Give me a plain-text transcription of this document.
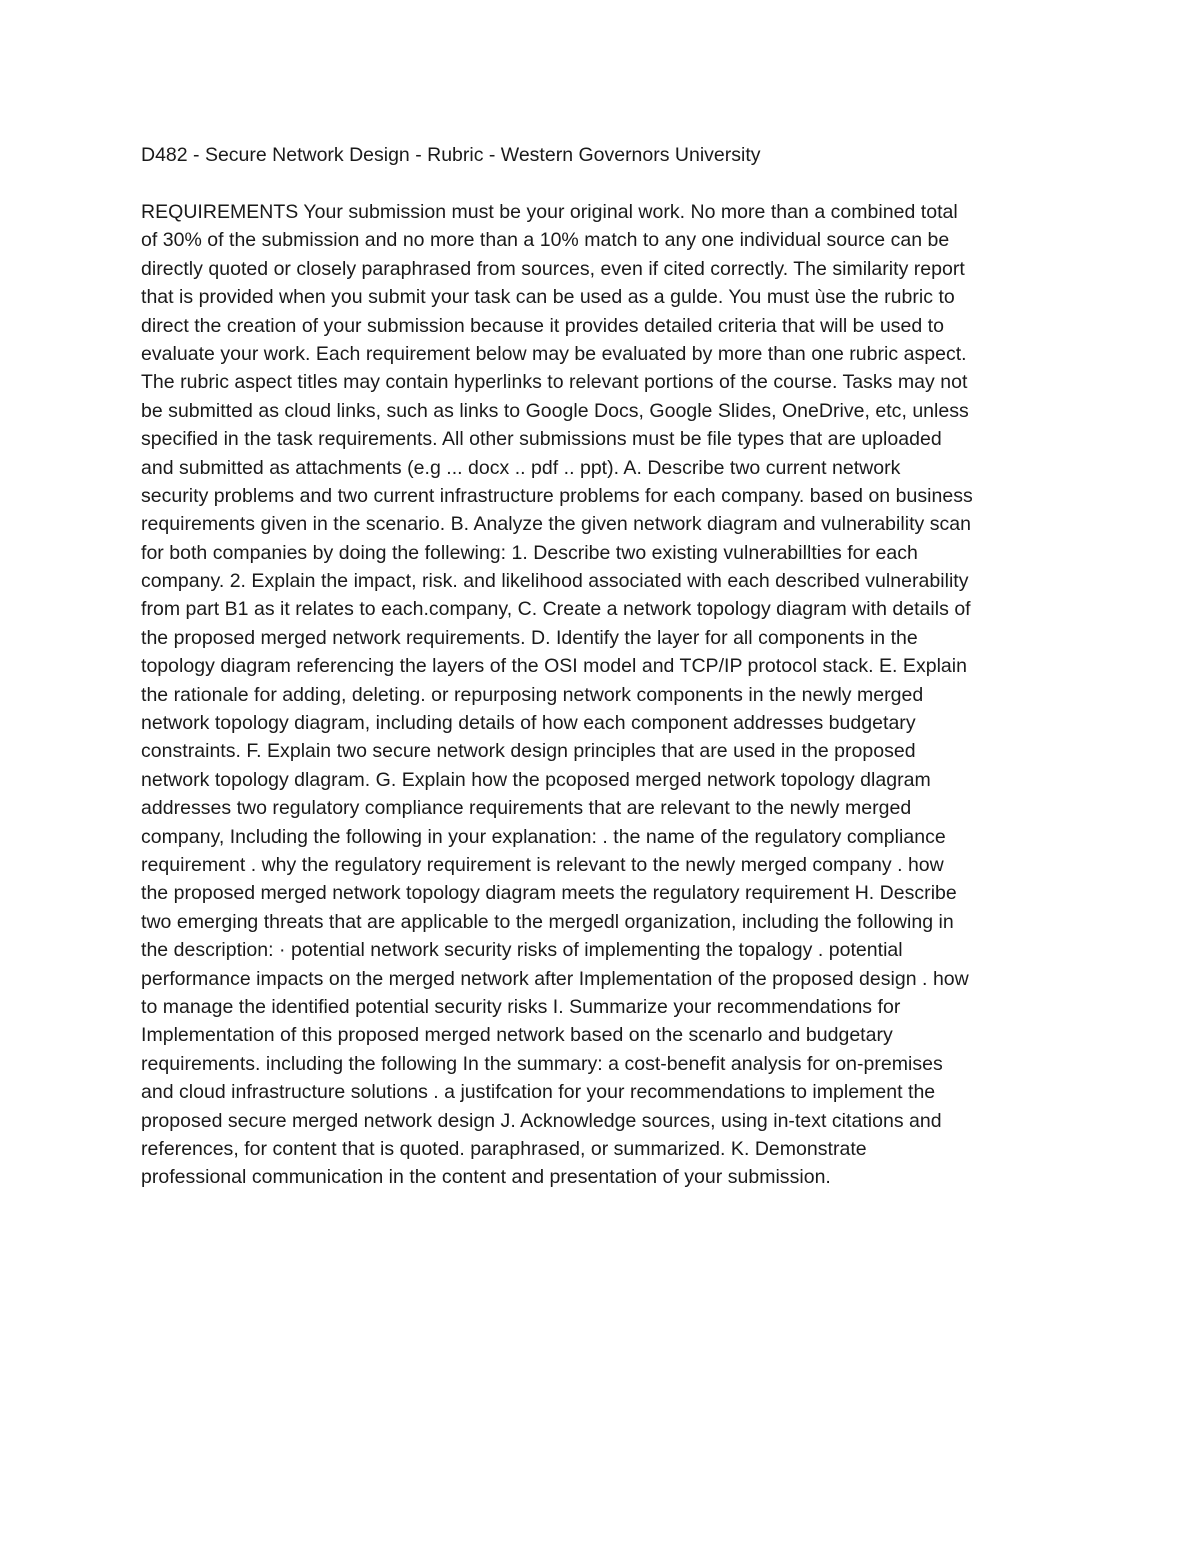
D482 - Secure Network Design - Rubric - Western Governors University
REQUIREMENTS Your submission must be your original work. No more than a combined total
of 30% of the submission and no more than a 10% match to any one individual source can be
directly quoted or closely paraphrased from sources, even if cited correctly. The similarity report
that is provided when you submit your task can be used as a gulde. You must ùse the rubric to
direct the creation of your submission because it provides detailed criteria that will be used to
evaluate your work. Each requirement below may be evaluated by more than one rubric aspect.
The rubric aspect titles may contain hyperlinks to relevant portions of the course. Tasks may not
be submitted as cloud links, such as links to Google Docs, Google Slides, OneDrive, etc, unless
specified in the task requirements. All other submissions must be file types that are uploaded
and submitted as attachments (e.g ... docx .. pdf .. ppt). A. Describe two current network
security problems and two current infrastructure problems for each company. based on business
requirements given in the scenario. B. Analyze the given network diagram and vulnerability scan
for both companies by doing the follewing: 1. Describe two existing vulnerabillties for each
company. 2. Explain the impact, risk. and likelihood associated with each described vulnerability
from part B1 as it relates to each.company, C. Create a network topology diagram with details of
the proposed merged network requirements. D. Identify the layer for all components in the
topology diagram referencing the layers of the OSI model and TCP/IP protocol stack. E. Explain
the rationale for adding, deleting. or repurposing network components in the newly merged
network topology diagram, including details of how each component addresses budgetary
constraints. F. Explain two secure network design principles that are used in the proposed
network topology dlagram. G. Explain how the pcoposed merged network topology dlagram
addresses two regulatory compliance requirements that are relevant to the newly merged
company, Including the following in your explanation: . the name of the regulatory compliance
requirement . why the regulatory requirement is relevant to the newly merged company . how
the proposed merged network topology diagram meets the regulatory requirement H. Describe
two emerging threats that are applicable to the mergedl organization, including the following in
the description: · potential network security risks of implementing the topalogy . potential
performance impacts on the merged network after Implementation of the proposed design . how
to manage the identified potential security risks I. Summarize your recommendations for
Implementation of this proposed merged network based on the scenarlo and budgetary
requirements. including the following In the summary: a cost-benefit analysis for on-premises
and cloud infrastructure solutions . a justifcation for your recommendations to implement the
proposed secure merged network design J. Acknowledge sources, using in-text citations and
references, for content that is quoted. paraphrased, or summarized. K. Demonstrate
professional communication in the content and presentation of your submission.
